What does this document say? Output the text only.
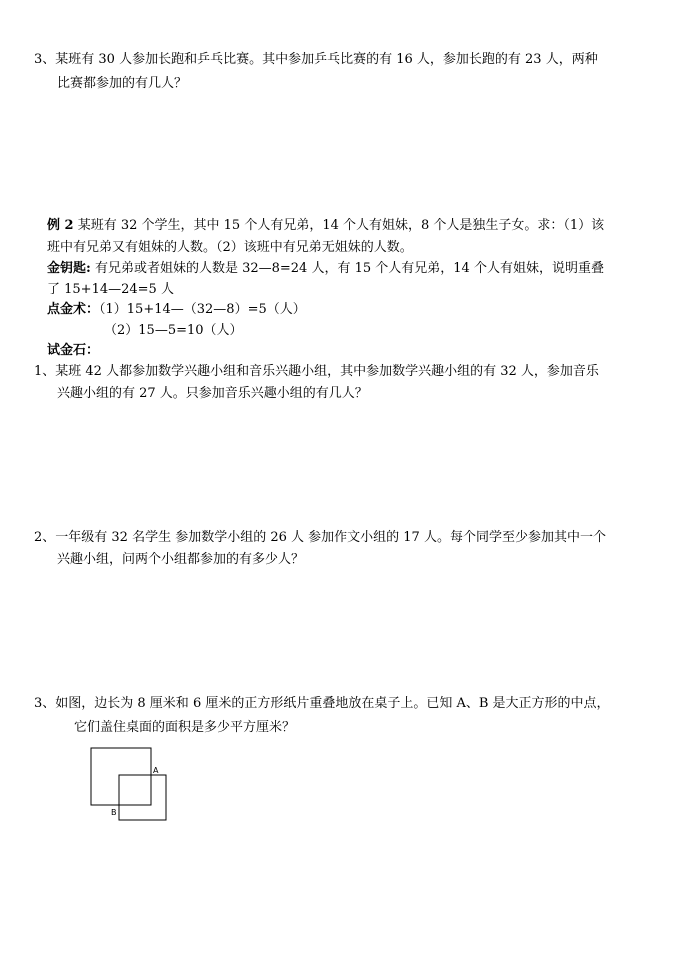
3、某班有 30 人参加长跑和乒乓比赛。其中参加乒乓比赛的有 16 人，参加长跑的有 23 人，两种
比赛都参加的有几人？
例 2 某班有 32 个学生，其中 15 个人有兄弟，14 个人有姐妹，8 个人是独生子女。求：（1）该
班中有兄弟又有姐妹的人数。（2）该班中有兄弟无姐妹的人数。
金钥匙: 有兄弟或者姐妹的人数是 32—8=24 人，有 15 个人有兄弟，14 个人有姐妹，说明重叠
了 15+14—24=5 人
点金术：（1）15+14—（32—8）=5（人）
（2）15—5=10（人）
试金石：
1、某班 42 人都参加数学兴趣小组和音乐兴趣小组，其中参加数学兴趣小组的有 32 人，参加音乐
兴趣小组的有 27 人。只参加音乐兴趣小组的有几人？
2、一年级有 32 名学生 参加数学小组的 26 人 参加作文小组的 17 人。每个同学至少参加其中一个
兴趣小组，问两个小组都参加的有多少人？
3、如图，边长为 8 厘米和 6 厘米的正方形纸片重叠地放在桌子上。已知 A、B 是大正方形的中点，
它们盖住桌面的面积是多少平方厘米？
A
B
